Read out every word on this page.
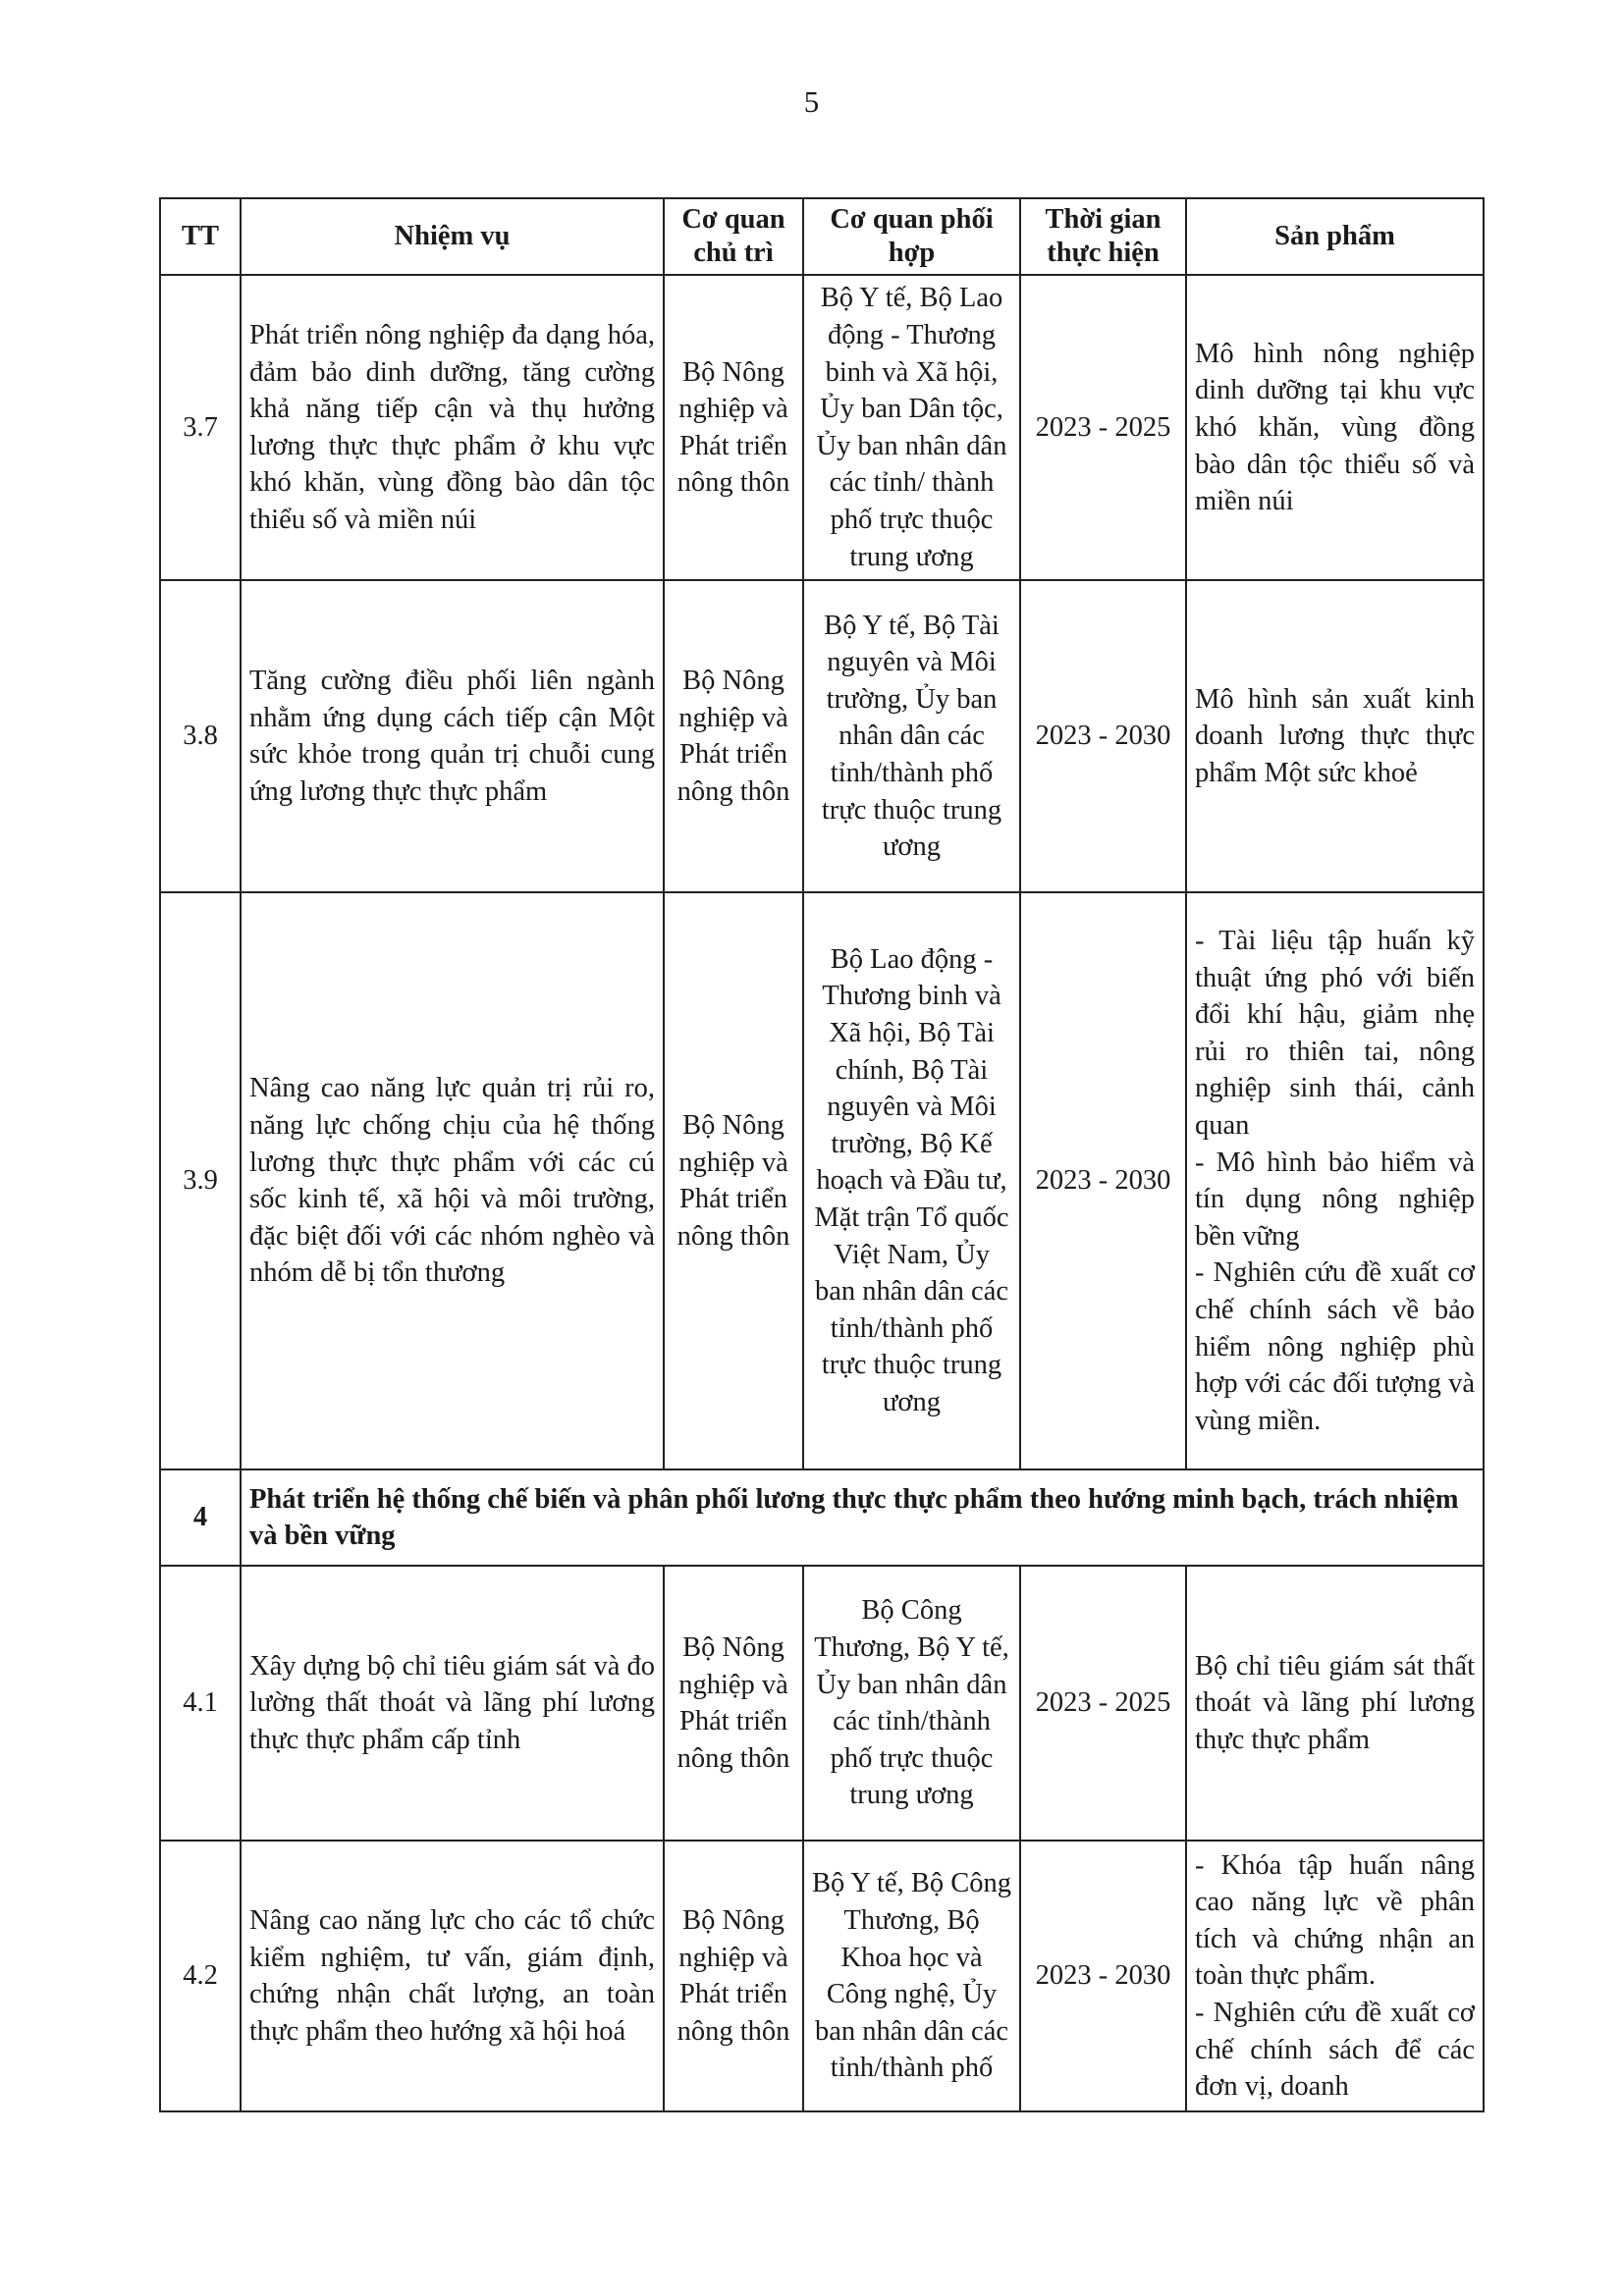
5
TT	Nhiệm vụ	Cơ quan chủ trì	Cơ quan phối hợp	Thời gian thực hiện	Sản phẩm
3.7	Phát triển nông nghiệp đa dạng hóa, đảm bảo dinh dưỡng, tăng cường khả năng tiếp cận và thụ hưởng lương thực thực phẩm ở khu vực khó khăn, vùng đồng bào dân tộc thiểu số và miền núi	Bộ Nông nghiệp và Phát triển nông thôn	Bộ Y tế, Bộ Lao động - Thương binh và Xã hội, Ủy ban Dân tộc, Ủy ban nhân dân các tỉnh/ thành phố trực thuộc trung ương	2023 - 2025	Mô hình nông nghiệp dinh dưỡng tại khu vực khó khăn, vùng đồng bào dân tộc thiểu số và miền núi

3.8	Tăng cường điều phối liên ngành nhằm ứng dụng cách tiếp cận Một sức khỏe trong quản trị chuỗi cung ứng lương thực thực phẩm	Bộ Nông nghiệp và Phát triển nông thôn	Bộ Y tế, Bộ Tài nguyên và Môi trường, Ủy ban nhân dân các tỉnh/thành phố trực thuộc trung ương	2023 - 2030	Mô hình sản xuất kinh doanh lương thực thực phẩm Một sức khoẻ

3.9	Nâng cao năng lực quản trị rủi ro, năng lực chống chịu của hệ thống lương thực thực phẩm với các cú sốc kinh tế, xã hội và môi trường, đặc biệt đối với các nhóm nghèo và nhóm dễ bị tổn thương	Bộ Nông nghiệp và Phát triển nông thôn	Bộ Lao động - Thương binh và Xã hội, Bộ Tài chính, Bộ Tài nguyên và Môi trường, Bộ Kế hoạch và Đầu tư, Mặt trận Tổ quốc Việt Nam, Ủy ban nhân dân các tỉnh/thành phố trực thuộc trung ương	2023 - 2030	- Tài liệu tập huấn kỹ thuật ứng phó với biến đổi khí hậu, giảm nhẹ rủi ro thiên tai, nông nghiệp sinh thái, cảnh quan
- Mô hình bảo hiểm và tín dụng nông nghiệp bền vững
- Nghiên cứu đề xuất cơ chế chính sách về bảo hiểm nông nghiệp phù hợp với các đối tượng và vùng miền.

4	Phát triển hệ thống chế biến và phân phối lương thực thực phẩm theo hướng minh bạch, trách nhiệm và bền vững				
4.1	Xây dựng bộ chỉ tiêu giám sát và đo lường thất thoát và lãng phí lương thực thực phẩm cấp tỉnh	Bộ Nông nghiệp và Phát triển nông thôn	Bộ Công Thương, Bộ Y tế, Ủy ban nhân dân các tỉnh/thành phố trực thuộc trung ương	2023 - 2025	Bộ chỉ tiêu giám sát thất thoát và lãng phí lương thực thực phẩm

4.2	Nâng cao năng lực cho các tổ chức kiểm nghiệm, tư vấn, giám định, chứng nhận chất lượng, an toàn thực phẩm theo hướng xã hội hoá	Bộ Nông nghiệp và Phát triển nông thôn	Bộ Y tế, Bộ Công Thương, Bộ Khoa học và Công nghệ, Ủy ban nhân dân các tỉnh/thành phố	2023 - 2030	- Khóa tập huấn nâng cao năng lực về phân tích và chứng nhận an toàn thực phẩm.
- Nghiên cứu đề xuất cơ chế chính sách để các đơn vị, doanh
